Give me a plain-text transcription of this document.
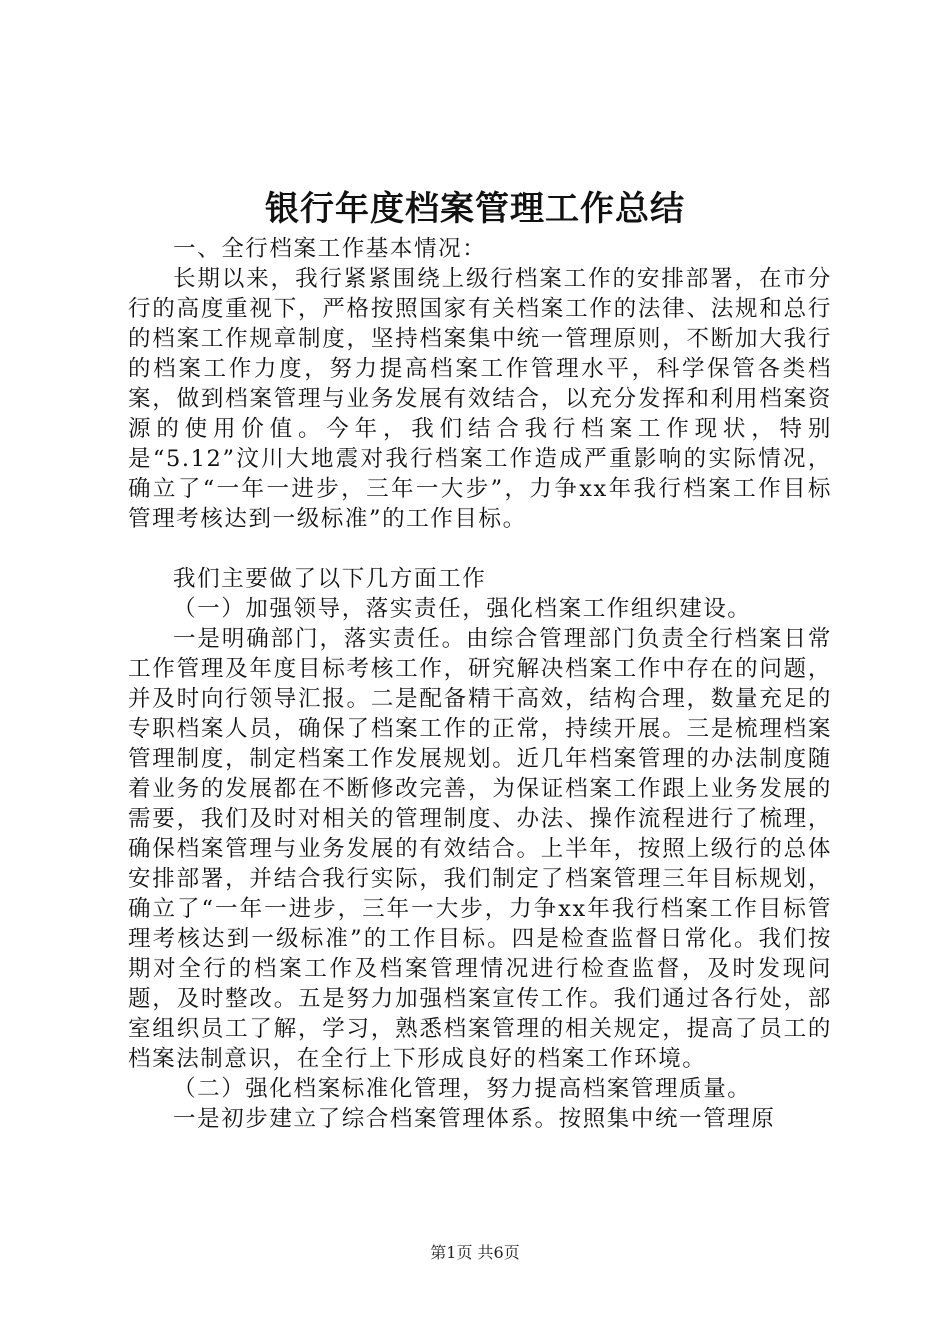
银行年度档案管理工作总结

一、全行档案工作基本情况：

长期以来，我行紧紧围绕上级行档案工作的安排部署，在市分行的高度重视下，严格按照国家有关档案工作的法律、法规和总行的档案工作规章制度，坚持档案集中统一管理原则，不断加大我行的档案工作力度，努力提高档案工作管理水平，科学保管各类档案，做到档案管理与业务发展有效结合，以充分发挥和利用档案资源的使用价值。今年，我们结合我行档案工作现状，特别是“5.12”汶川大地震对我行档案工作造成严重影响的实际情况，确立了“一年一进步，三年一大步”，力争xx年我行档案工作目标管理考核达到一级标准”的工作目标。

我们主要做了以下几方面工作

（一）加强领导，落实责任，强化档案工作组织建设。

一是明确部门，落实责任。由综合管理部门负责全行档案日常工作管理及年度目标考核工作，研究解决档案工作中存在的问题，并及时向行领导汇报。二是配备精干高效，结构合理，数量充足的专职档案人员，确保了档案工作的正常，持续开展。三是梳理档案管理制度，制定档案工作发展规划。近几年档案管理的办法制度随着业务的发展都在不断修改完善，为保证档案工作跟上业务发展的需要，我们及时对相关的管理制度、办法、操作流程进行了梳理，确保档案管理与业务发展的有效结合。上半年，按照上级行的总体安排部署，并结合我行实际，我们制定了档案管理三年目标规划，确立了“一年一进步，三年一大步，力争xx年我行档案工作目标管理考核达到一级标准”的工作目标。四是检查监督日常化。我们按期对全行的档案工作及档案管理情况进行检查监督，及时发现问题，及时整改。五是努力加强档案宣传工作。我们通过各行处，部室组织员工了解，学习，熟悉档案管理的相关规定，提高了员工的档案法制意识，在全行上下形成良好的档案工作环境。

（二）强化档案标准化管理，努力提高档案管理质量。

一是初步建立了综合档案管理体系。按照集中统一管理原

第1页 共6页
